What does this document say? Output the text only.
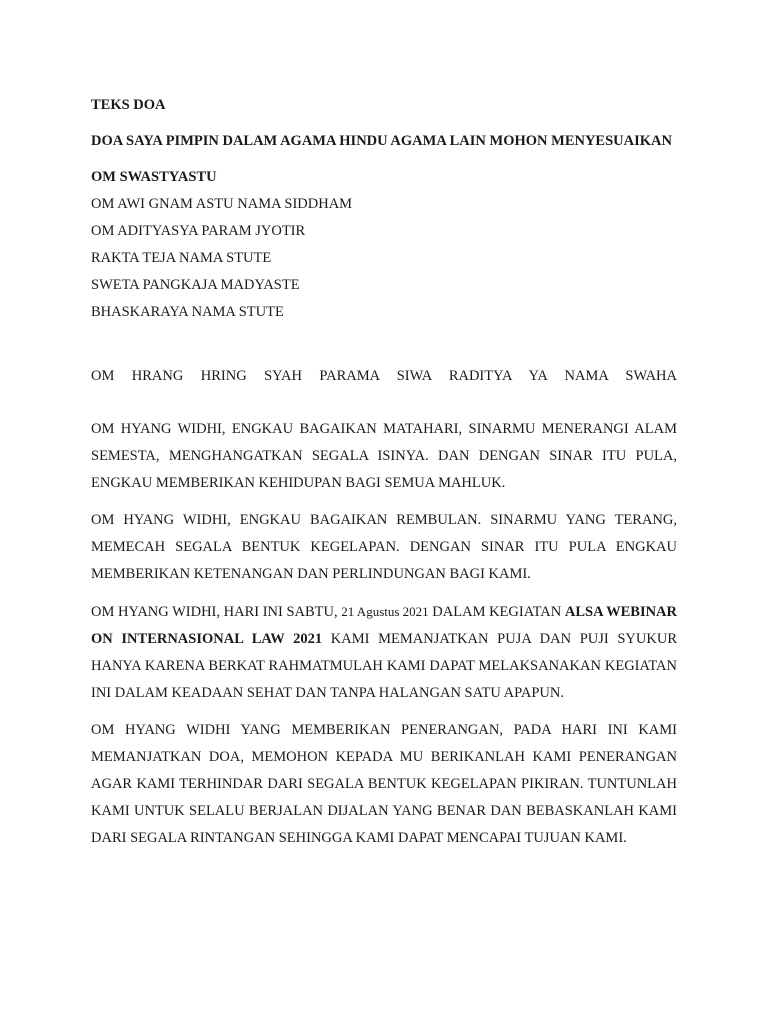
TEKS DOA

DOA SAYA PIMPIN DALAM AGAMA HINDU AGAMA LAIN MOHON MENYESUAIKAN

OM SWASTYASTU

OM AWI GNAM ASTU NAMA SIDDHAM

OM ADITYASYA PARAM JYOTIR

RAKTA TEJA NAMA STUTE

SWETA PANGKAJA MADYASTE

BHASKARAYA NAMA STUTE

OM HRANG HRING SYAH PARAMA SIWA RADITYA YA NAMA SWAHA

OM HYANG WIDHI, ENGKAU BAGAIKAN MATAHARI, SINARMU MENERANGI ALAM SEMESTA, MENGHANGATKAN SEGALA ISINYA. DAN DENGAN SINAR ITU PULA, ENGKAU MEMBERIKAN KEHIDUPAN BAGI SEMUA MAHLUK.

OM HYANG WIDHI, ENGKAU BAGAIKAN REMBULAN. SINARMU YANG TERANG, MEMECAH SEGALA BENTUK KEGELAPAN. DENGAN SINAR ITU PULA ENGKAU MEMBERIKAN KETENANGAN DAN PERLINDUNGAN BAGI KAMI.

OM HYANG WIDHI, HARI INI SABTU, 21 Agustus 2021 DALAM KEGIATAN ALSA WEBINAR ON INTERNASIONAL LAW 2021 KAMI MEMANJATKAN PUJA DAN PUJI SYUKUR HANYA KARENA BERKAT RAHMATMULAH KAMI DAPAT MELAKSANAKAN KEGIATAN INI DALAM KEADAAN SEHAT DAN TANPA HALANGAN SATU APAPUN.

OM HYANG WIDHI YANG MEMBERIKAN PENERANGAN, PADA HARI INI KAMI MEMANJATKAN DOA, MEMOHON KEPADA MU BERIKANLAH KAMI PENERANGAN AGAR KAMI TERHINDAR DARI SEGALA BENTUK KEGELAPAN PIKIRAN. TUNTUNLAH KAMI UNTUK SELALU BERJALAN DIJALAN YANG BENAR DAN BEBASKANLAH KAMI DARI SEGALA RINTANGAN SEHINGGA KAMI DAPAT MENCAPAI TUJUAN KAMI.
